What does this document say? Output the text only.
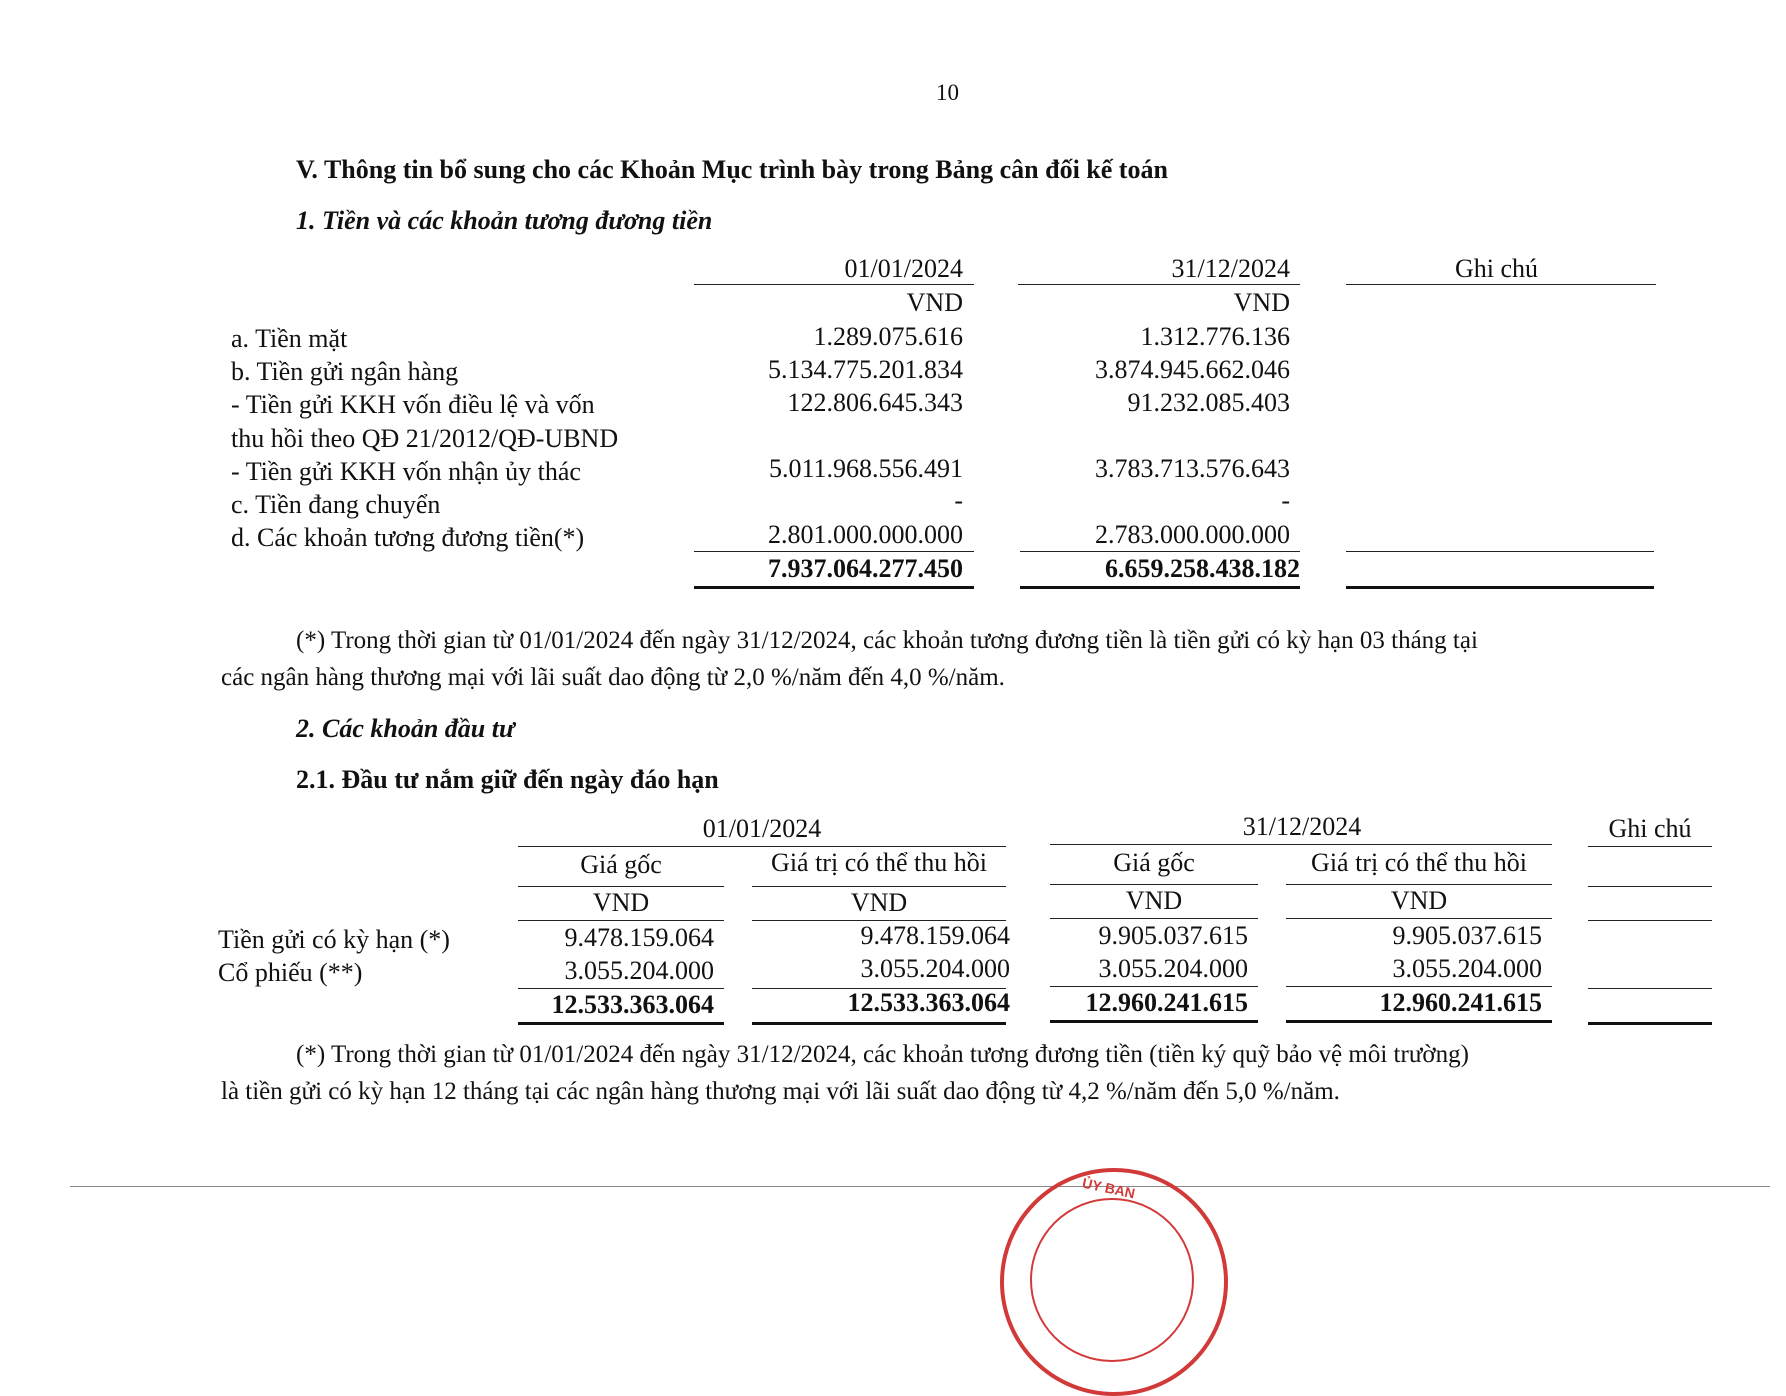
10
V. Thông tin bổ sung cho các Khoản Mục trình bày trong Bảng cân đối kế toán
1. Tiền và các khoản tương đương tiền
01/01/2024	31/12/2024	Ghi chú
VND	VND
a. Tiền mặt	1.289.075.616	1.312.776.136
b. Tiền gửi ngân hàng	5.134.775.201.834	3.874.945.662.046
- Tiền gửi KKH vốn điều lệ và vốn	122.806.645.343	91.232.085.403
thu hồi theo QĐ 21/2012/QĐ-UBND
- Tiền gửi KKH vốn nhận ủy thác	5.011.968.556.491	3.783.713.576.643
c. Tiền đang chuyển	-	-
d. Các khoản tương đương tiền(*)	2.801.000.000.000	2.783.000.000.000
7.937.064.277.450	6.659.258.438.182
(*) Trong thời gian từ 01/01/2024 đến ngày 31/12/2024, các khoản tương đương tiền là tiền gửi có kỳ hạn 03 tháng tại
các ngân hàng thương mại với lãi suất dao động từ 2,0 %/năm đến 4,0 %/năm.
2. Các khoản đầu tư
2.1. Đầu tư nắm giữ đến ngày đáo hạn
01/01/2024	31/12/2024	Ghi chú
Giá gốc	Giá trị có thể thu hồi	Giá gốc	Giá trị có thể thu hồi
VND	VND	VND	VND
Tiền gửi có kỳ hạn (*)	9.478.159.064	9.478.159.064	9.905.037.615	9.905.037.615
Cổ phiếu (**)	3.055.204.000	3.055.204.000	3.055.204.000	3.055.204.000
12.533.363.064	12.533.363.064	12.960.241.615	12.960.241.615
(*) Trong thời gian từ 01/01/2024 đến ngày 31/12/2024, các khoản tương đương tiền (tiền ký quỹ bảo vệ môi trường)
là tiền gửi có kỳ hạn 12 tháng tại các ngân hàng thương mại với lãi suất dao động từ 4,2 %/năm đến 5,0 %/năm.
ỦY BAN
